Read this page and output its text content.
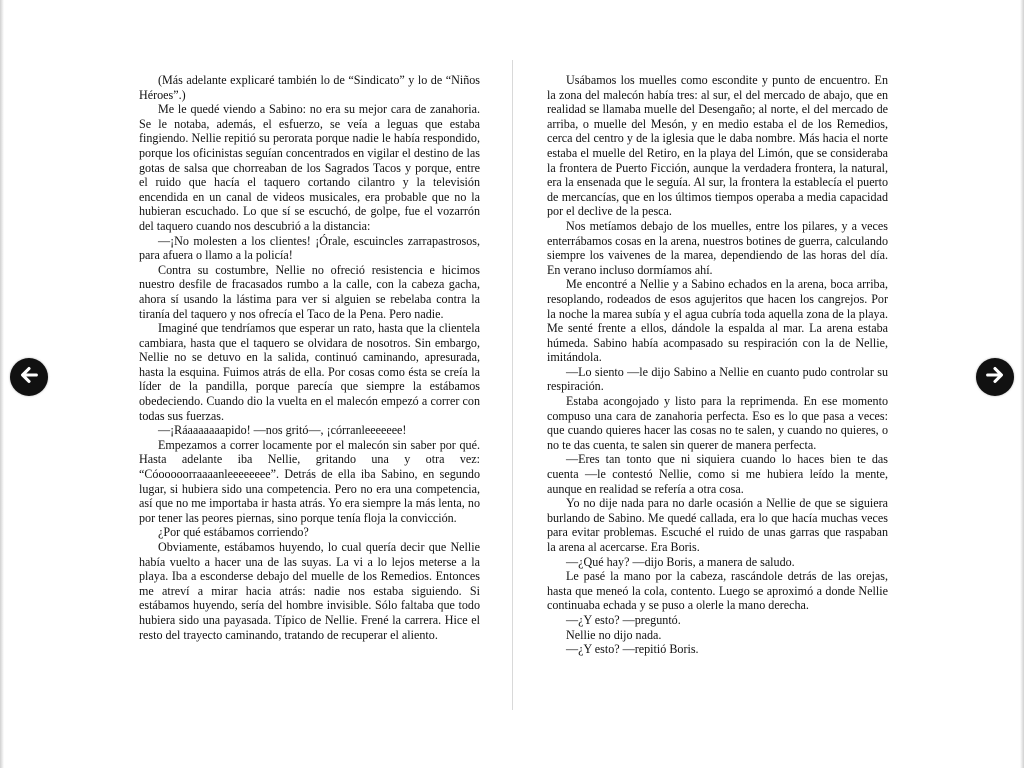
(Más adelante explicaré también lo de “Sindicato” y lo de “Niños Héroes”.)

Me le quedé viendo a Sabino: no era su mejor cara de zanahoria. Se le notaba, además, el esfuerzo, se veía a leguas que estaba fingiendo. Nellie repitió su perorata porque nadie le había respondido, porque los oficinistas seguían concentrados en vigilar el destino de las gotas de salsa que chorreaban de los Sagrados Tacos y porque, entre el ruido que hacía el taquero cortando cilantro y la televisión encendida en un canal de videos musicales, era probable que no la hubieran escuchado. Lo que sí se escuchó, de golpe, fue el vozarrón del taquero cuando nos descubrió a la distancia:

—¡No molesten a los clientes! ¡Órale, escuincles zarrapastrosos, para afuera o llamo a la policía!

Contra su costumbre, Nellie no ofreció resistencia e hicimos nuestro desfile de fracasados rumbo a la calle, con la cabeza gacha, ahora sí usando la lástima para ver si alguien se rebelaba contra la tiranía del taquero y nos ofrecía el Taco de la Pena. Pero nadie.

Imaginé que tendríamos que esperar un rato, hasta que la clientela cambiara, hasta que el taquero se olvidara de nosotros. Sin embargo, Nellie no se detuvo en la salida, continuó caminando, apresurada, hasta la esquina. Fuimos atrás de ella. Por cosas como ésta se creía la líder de la pandilla, porque parecía que siempre la estábamos obedeciendo. Cuando dio la vuelta en el malecón empezó a correr con todas sus fuerzas.

—¡Ráaaaaaaapido! —nos gritó—, ¡córranleeeeeee!

Empezamos a correr locamente por el malecón sin saber por qué. Hasta adelante iba Nellie, gritando una y otra vez: “Cóooooorraaaanleeeeeeee”. Detrás de ella iba Sabino, en segundo lugar, si hubiera sido una competencia. Pero no era una competencia, así que no me importaba ir hasta atrás. Yo era siempre la más lenta, no por tener las peores piernas, sino porque tenía floja la convicción.

¿Por qué estábamos corriendo?

Obviamente, estábamos huyendo, lo cual quería decir que Nellie había vuelto a hacer una de las suyas. La vi a lo lejos meterse a la playa. Iba a esconderse debajo del muelle de los Remedios. Entonces me atreví a mirar hacia atrás: nadie nos estaba siguiendo. Si estábamos huyendo, sería del hombre invisible. Sólo faltaba que todo hubiera sido una payasada. Típico de Nellie. Frené la carrera. Hice el resto del trayecto caminando, tratando de recuperar el aliento.

Usábamos los muelles como escondite y punto de encuentro. En la zona del malecón había tres: al sur, el del mercado de abajo, que en realidad se llamaba muelle del Desengaño; al norte, el del mercado de arriba, o muelle del Mesón, y en medio estaba el de los Remedios, cerca del centro y de la iglesia que le daba nombre. Más hacia el norte estaba el muelle del Retiro, en la playa del Limón, que se consideraba la frontera de Puerto Ficción, aunque la verdadera frontera, la natural, era la ensenada que le seguía. Al sur, la frontera la establecía el puerto de mercancías, que en los últimos tiempos operaba a media capacidad por el declive de la pesca.

Nos metíamos debajo de los muelles, entre los pilares, y a veces enterrábamos cosas en la arena, nuestros botines de guerra, calculando siempre los vaivenes de la marea, dependiendo de las horas del día. En verano incluso dormíamos ahí.

Me encontré a Nellie y a Sabino echados en la arena, boca arriba, resoplando, rodeados de esos agujeritos que hacen los cangrejos. Por la noche la marea subía y el agua cubría toda aquella zona de la playa. Me senté frente a ellos, dándole la espalda al mar. La arena estaba húmeda. Sabino había acompasado su respiración con la de Nellie, imitándola.

—Lo siento —le dijo Sabino a Nellie en cuanto pudo controlar su respiración.

Estaba acongojado y listo para la reprimenda. En ese momento compuso una cara de zanahoria perfecta. Eso es lo que pasa a veces: que cuando quieres hacer las cosas no te salen, y cuando no quieres, o no te das cuenta, te salen sin querer de manera perfecta.

—Eres tan tonto que ni siquiera cuando lo haces bien te das cuenta —le contestó Nellie, como si me hubiera leído la mente, aunque en realidad se refería a otra cosa.

Yo no dije nada para no darle ocasión a Nellie de que se siguiera burlando de Sabino. Me quedé callada, era lo que hacía muchas veces para evitar problemas. Escuché el ruido de unas garras que raspaban la arena al acercarse. Era Boris.

—¿Qué hay? —dijo Boris, a manera de saludo.

Le pasé la mano por la cabeza, rascándole detrás de las orejas, hasta que meneó la cola, contento. Luego se aproximó a donde Nellie continuaba echada y se puso a olerle la mano derecha.

—¿Y esto? —preguntó.

Nellie no dijo nada.

—¿Y esto? —repitió Boris.
